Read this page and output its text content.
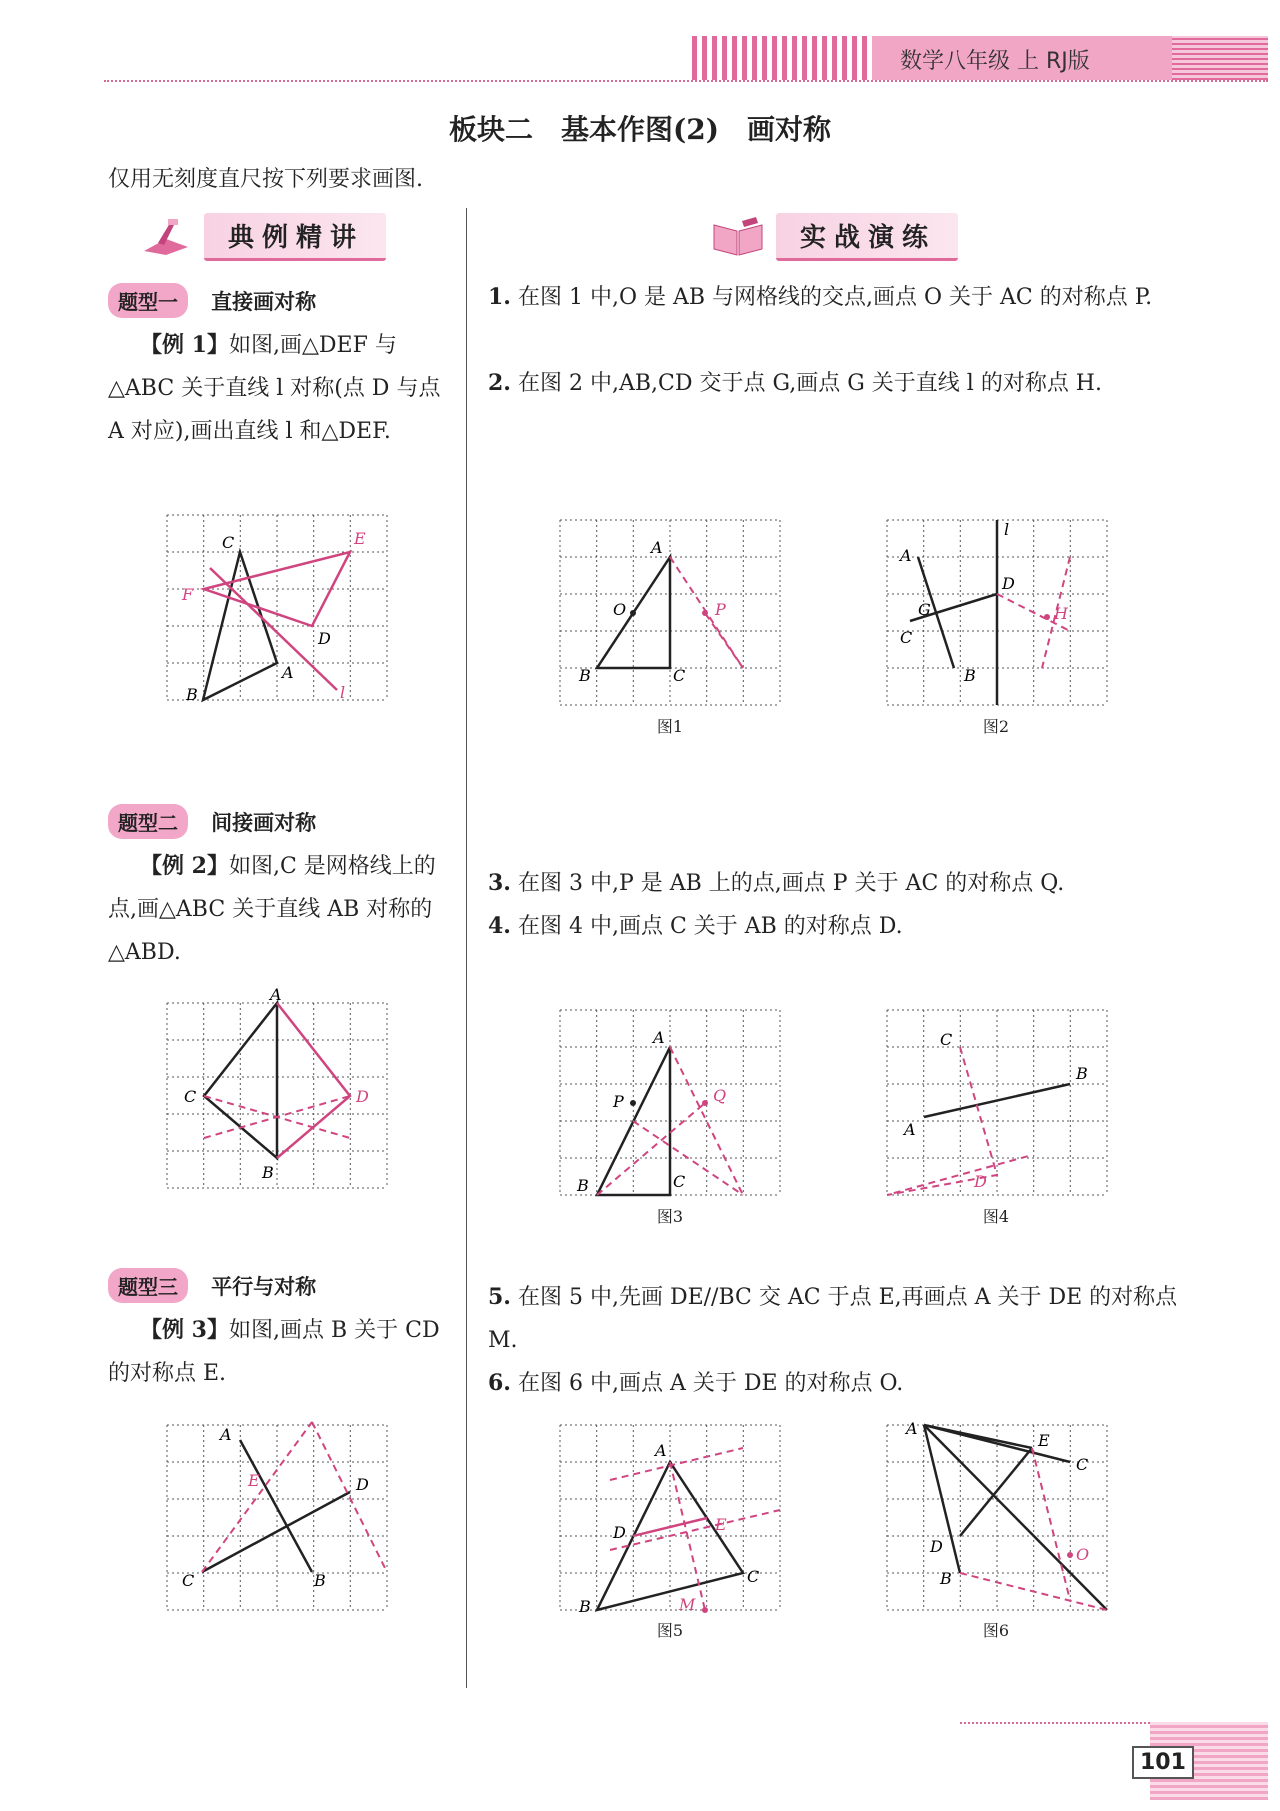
数学八年级 上 RJ版
板块二　基本作图(2)　画对称
仅用无刻度直尺按下列要求画图.
典例精讲
题型一 直接画对称
【例 1】如图,画△DEF 与△ABC 关于直线 l 对称(点 D 与点 A 对应),画出直线 l 和△DEF.
C	E
F
D
A
B	l
题型二 间接画对称
【例 2】如图,C 是网格线上的点,画△ABC 关于直线 AB 对称的△ABD.
A
C	D
B
题型三 平行与对称
【例 3】如图,画点 B 关于 CD 的对称点 E.
A
E	D
C	B
实战演练
1. 在图 1 中,O 是 AB 与网格线的交点,画点 O 关于 AC 的对称点 P.
2. 在图 2 中,AB,CD 交于点 G,画点 G 关于直线 l 的对称点 H.
A
O	P
B	C
图1
A
l
D
G	H
C
B
图2
3. 在图 3 中,P 是 AB 上的点,画点 P 关于 AC 的对称点 Q.
4. 在图 4 中,画点 C 关于 AB 的对称点 D.
A
P	Q
B	C
图3
C
B
A
D
图4
5. 在图 5 中,先画 DE//BC 交 AC 于点 E,再画点 A 关于 DE 的对称点 M.
6. 在图 6 中,画点 A 关于 DE 的对称点 O.
A
D	E
B	M
C
图5
A
E
C
D	O
B
图6
101
